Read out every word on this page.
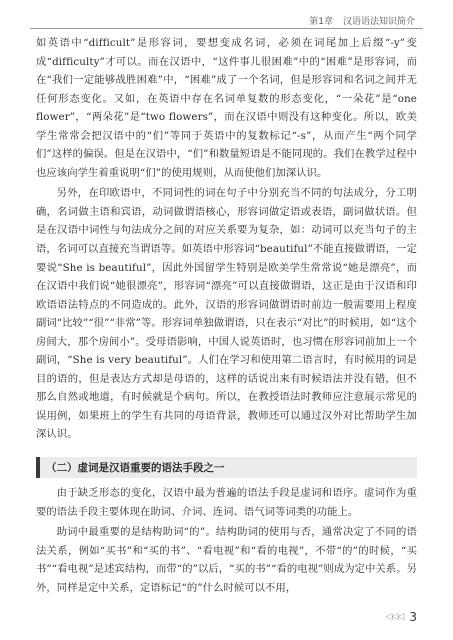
第1章 汉语语法知识简介

如英语中“difficult”是形容词，要想变成名词，必须在词尾加上后缀“-y”变成“difficulty”才可以。而在汉语中，“这件事儿很困难”中的“困难”是形容词，而在“我们一定能够战胜困难”中，“困难”成了一个名词，但是形容词和名词之间并无任何形态变化。又如，在英语中存在名词单复数的形态变化，“一朵花”是“one flower”，“两朵花”是“two flowers”，而在汉语中则没有这种变化。所以，欧美学生常常会把汉语中的“们”等同于英语中的复数标记“-s”，从而产生“两个同学们”这样的偏误。但是在汉语中，“们”和数量短语是不能同现的。我们在教学过程中也应该向学生着重说明“们”的使用规则，从而使他们加深认识。

另外，在印欧语中，不同词性的词在句子中分别充当不同的句法成分，分工明确，名词做主语和宾语，动词做谓语核心，形容词做定语或表语，副词做状语。但是在汉语中词性与句法成分之间的对应关系要为复杂，如：动词可以充当句子的主语，名词可以直接充当谓语等。如英语中形容词“beautiful”不能直接做谓语，一定要说“She is beautiful”，因此外国留学生特别是欧美学生常常说“她是漂亮”，而在汉语中我们说“她很漂亮”，形容词“漂亮”可以直接做谓语，这正是由于汉语和印欧语语法特点的不同造成的。此外，汉语的形容词做谓语时前边一般需要用上程度副词“比较”“很”“非常”等。形容词单独做谓语，只在表示“对比”的时候用，如“这个房间大，那个房间小”。受母语影响，中国人说英语时，也习惯在形容词前加上一个副词，“She is very beautiful”。人们在学习和使用第二语言时，有时候用的词是目的语的，但是表达方式却是母语的，这样的话说出来有时候语法并没有错，但不那么自然或地道，有时候就是个病句。所以，在教授语法时教师应注意展示常见的误用例，如果班上的学生有共同的母语背景，教师还可以通过汉外对比帮助学生加深认识。

（二）虚词是汉语重要的语法手段之一

由于缺乏形态的变化，汉语中最为普遍的语法手段是虚词和语序。虚词作为重要的语法手段主要体现在助词、介词、连词、语气词等词类的功能上。

助词中最重要的是结构助词“的”。结构助词的使用与否，通常决定了不同的语法关系，例如“买书”和“买的书”、“看电视”和“看的电视”，不带“的”的时候，“买书”“看电视”是述宾结构，而带“的”以后，“买的书”“看的电视”则成为定中关系。另外，同样是定中关系，定语标记“的”什么时候可以不用，

◁◁◁ 3
